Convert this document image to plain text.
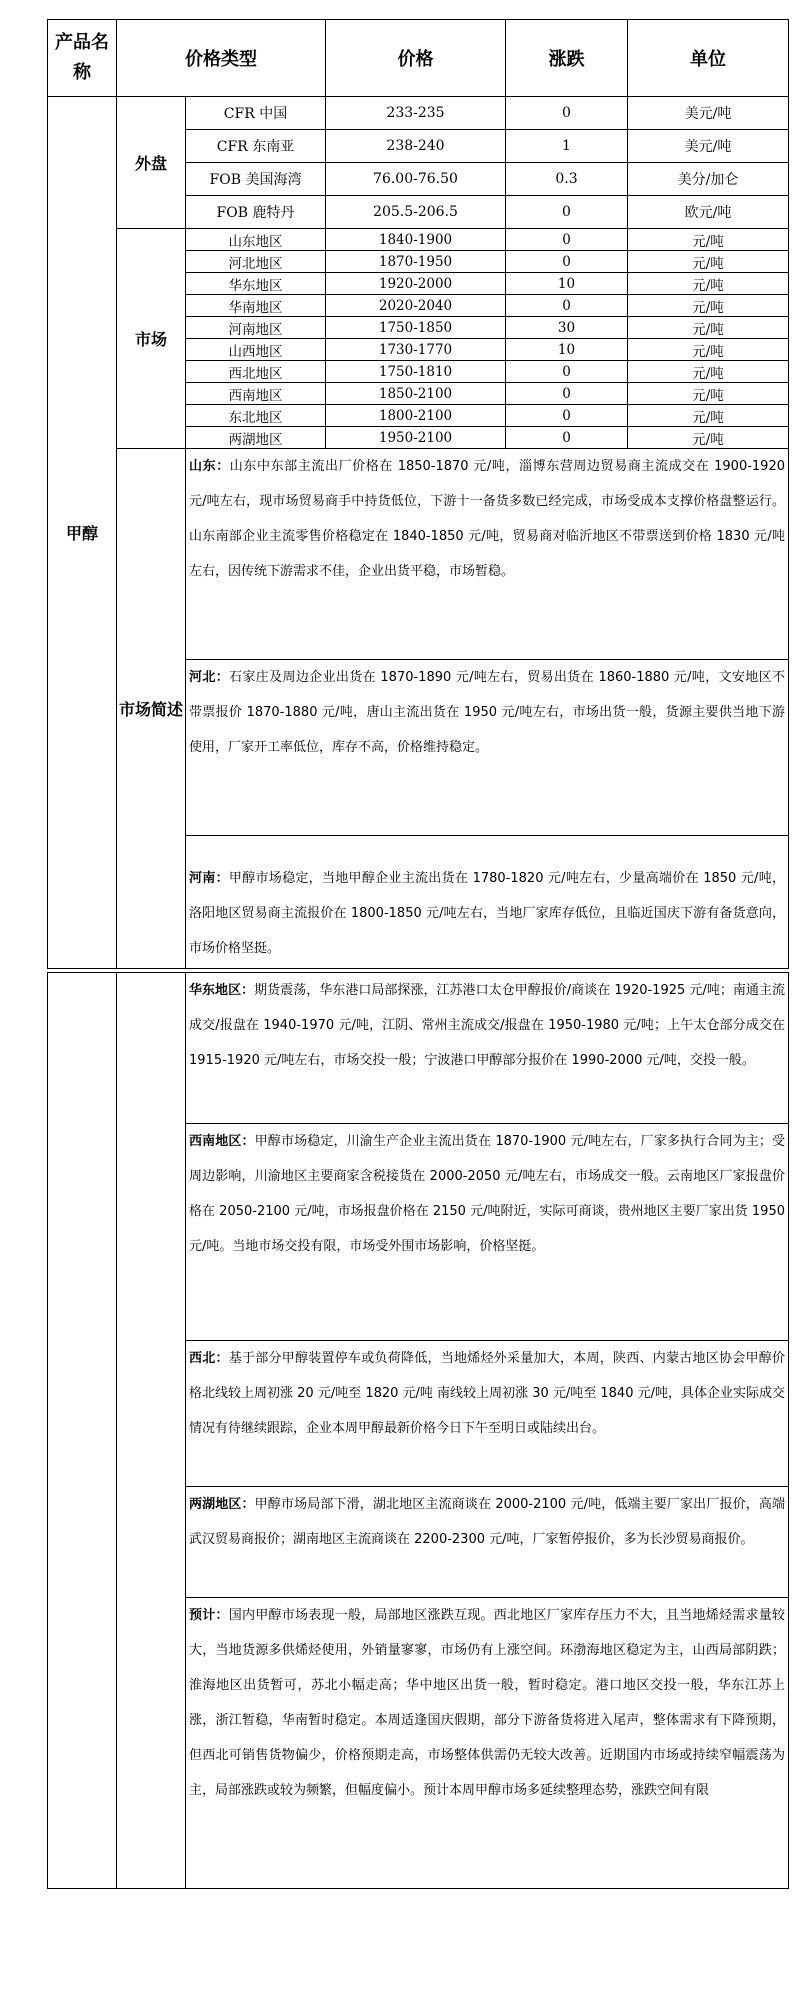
产品名称	价格类型		价格	涨跌	单位
甲醇	外盘	CFR 中国	233-235	0	美元/吨
		CFR 东南亚	238-240	1	美元/吨
		FOB 美国海湾	76.00-76.50	0.3	美分/加仑
		FOB 鹿特丹	205.5-206.5	0	欧元/吨
	市场	山东地区	1840-1900	0	元/吨
		河北地区	1870-1950	0	元/吨
		华东地区	1920-2000	10	元/吨
		华南地区	2020-2040	0	元/吨
		河南地区	1750-1850	30	元/吨
		山西地区	1730-1770	10	元/吨
		西北地区	1750-1810	0	元/吨
		西南地区	1850-2100	0	元/吨
		东北地区	1800-2100	0	元/吨
		两湖地区	1950-2100	0	元/吨
	市场简述	山东：山东中东部主流出厂价格在 1850-1870 元/吨，淄博东营周边贸易商主流成交在 1900-1920 元/吨左右，现市场贸易商手中持货低位，下游十一备货多数已经完成，市场受成本支撑价格盘整运行。山东南部企业主流零售价格稳定在 1840-1850 元/吨，贸易商对临沂地区不带票送到价格 1830 元/吨左右，因传统下游需求不佳，企业出货平稳，市场暂稳。			
		河北：石家庄及周边企业出货在 1870-1890 元/吨左右，贸易出货在 1860-1880 元/吨，文安地区不带票报价 1870-1880 元/吨，唐山主流出货在 1950 元/吨左右，市场出货一般，货源主要供当地下游使用，厂家开工率低位，库存不高，价格维持稳定。			
		河南：甲醇市场稳定，当地甲醇企业主流出货在 1780-1820 元/吨左右，少量高端价在 1850 元/吨，洛阳地区贸易商主流报价在 1800-1850 元/吨左右，当地厂家库存低位，且临近国庆下游有备货意向，市场价格坚挺。			

		华东地区：期货震荡，华东港口局部探涨，江苏港口太仓甲醇报价/商谈在 1920-1925 元/吨；南通主流成交/报盘在 1940-1970 元/吨，江阴、常州主流成交/报盘在 1950-1980 元/吨；上午太仓部分成交在 1915-1920 元/吨左右，市场交投一般；宁波港口甲醇部分报价在 1990-2000 元/吨，交投一般。			
		西南地区：甲醇市场稳定，川渝生产企业主流出货在 1870-1900 元/吨左右，厂家多执行合同为主；受周边影响，川渝地区主要商家含税接货在 2000-2050 元/吨左右，市场成交一般。云南地区厂家报盘价格在 2050-2100 元/吨，市场报盘价格在 2150 元/吨附近，实际可商谈，贵州地区主要厂家出货 1950 元/吨。当地市场交投有限，市场受外围市场影响，价格坚挺。			
		西北：基于部分甲醇装置停车或负荷降低，当地烯烃外采量加大，本周，陕西、内蒙古地区协会甲醇价格北线较上周初涨 20 元/吨至 1820 元/吨 南线较上周初涨 30 元/吨至 1840 元/吨，具体企业实际成交情况有待继续跟踪，企业本周甲醇最新价格今日下午至明日或陆续出台。			
		两湖地区：甲醇市场局部下滑，湖北地区主流商谈在 2000-2100 元/吨，低端主要厂家出厂报价，高端武汉贸易商报价；湖南地区主流商谈在 2200-2300 元/吨，厂家暂停报价，多为长沙贸易商报价。			
		预计：国内甲醇市场表现一般，局部地区涨跌互现。西北地区厂家库存压力不大，且当地烯烃需求量较大，当地货源多供烯烃使用，外销量寥寥，市场仍有上涨空间。环渤海地区稳定为主，山西局部阴跌；淮海地区出货暂可，苏北小幅走高；华中地区出货一般，暂时稳定。港口地区交投一般，华东江苏上涨，浙江暂稳，华南暂时稳定。本周适逢国庆假期，部分下游备货将进入尾声，整体需求有下降预期，但西北可销售货物偏少，价格预期走高，市场整体供需仍无较大改善。近期国内市场或持续窄幅震荡为主，局部涨跌或较为频繁，但幅度偏小。预计本周甲醇市场多延续整理态势，涨跌空间有限			
